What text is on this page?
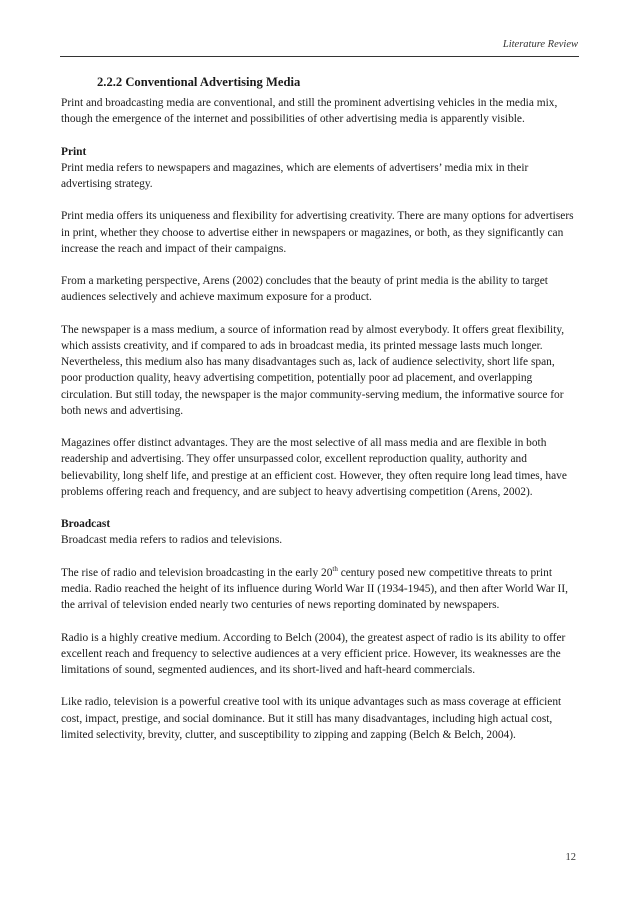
Literature Review
2.2.2 Conventional Advertising Media

Print and broadcasting media are conventional, and still the prominent advertising vehicles in the media mix, though the emergence of the internet and possibilities of other advertising media is apparently visible.

Print

Print media refers to newspapers and magazines, which are elements of advertisers’ media mix in their advertising strategy.

Print media offers its uniqueness and flexibility for advertising creativity. There are many options for advertisers in print, whether they choose to advertise either in newspapers or magazines, or both, as they significantly can increase the reach and impact of their campaigns.

From a marketing perspective, Arens (2002) concludes that the beauty of print media is the ability to target audiences selectively and achieve maximum exposure for a product.

The newspaper is a mass medium, a source of information read by almost everybody. It offers great flexibility, which assists creativity, and if compared to ads in broadcast media, its printed message lasts much longer. Nevertheless, this medium also has many disadvantages such as, lack of audience selectivity, short life span, poor production quality, heavy advertising competition, potentially poor ad placement, and overlapping circulation. But still today, the newspaper is the major community-serving medium, the informative source for both news and advertising.

Magazines offer distinct advantages. They are the most selective of all mass media and are flexible in both readership and advertising. They offer unsurpassed color, excellent reproduction quality, authority and believability, long shelf life, and prestige at an efficient cost. However, they often require long lead times, have problems offering reach and frequency, and are subject to heavy advertising competition (Arens, 2002).

Broadcast

Broadcast media refers to radios and televisions.

The rise of radio and television broadcasting in the early 20th century posed new competitive threats to print media. Radio reached the height of its influence during World War II (1934-1945), and then after World War II, the arrival of television ended nearly two centuries of news reporting dominated by newspapers.

Radio is a highly creative medium. According to Belch (2004), the greatest aspect of radio is its ability to offer excellent reach and frequency to selective audiences at a very efficient price. However, its weaknesses are the limitations of sound, segmented audiences, and its short-lived and haft-heard commercials.

Like radio, television is a powerful creative tool with its unique advantages such as mass coverage at efficient cost, impact, prestige, and social dominance. But it still has many disadvantages, including high actual cost, limited selectivity, brevity, clutter, and susceptibility to zipping and zapping (Belch & Belch, 2004).

12
